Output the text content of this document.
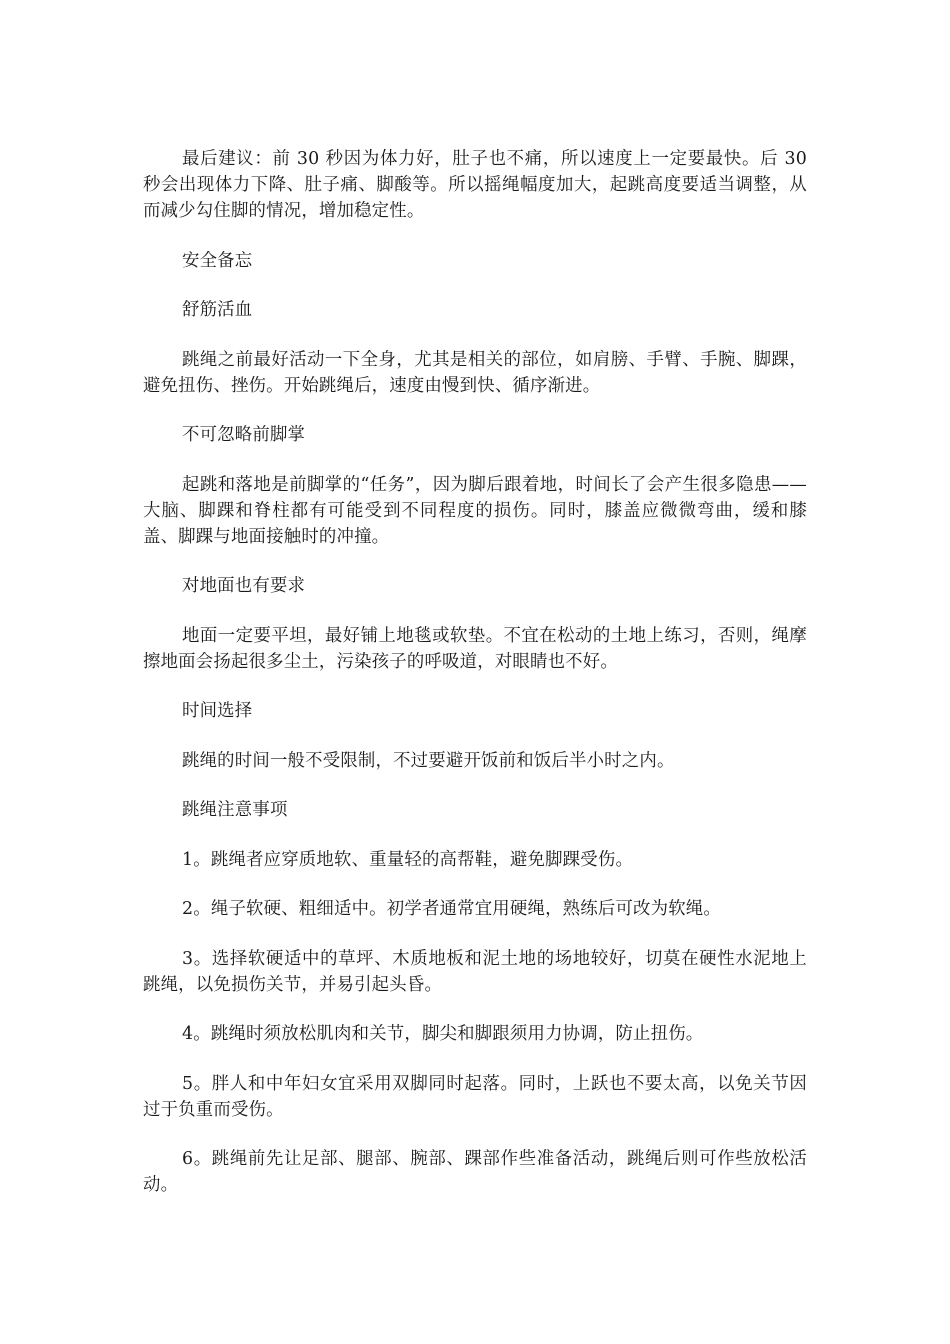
最后建议：前 30 秒因为体力好，肚子也不痛，所以速度上一定要最快。后 30 秒会出现体力下降、肚子痛、脚酸等。所以摇绳幅度加大，起跳高度要适当调整，从而减少勾住脚的情况，增加稳定性。

安全备忘

舒筋活血

跳绳之前最好活动一下全身，尤其是相关的部位，如肩膀、手臂、手腕、脚踝，避免扭伤、挫伤。开始跳绳后，速度由慢到快、循序渐进。

不可忽略前脚掌

起跳和落地是前脚掌的“任务”，因为脚后跟着地，时间长了会产生很多隐患——大脑、脚踝和脊柱都有可能受到不同程度的损伤。同时，膝盖应微微弯曲，缓和膝盖、脚踝与地面接触时的冲撞。

对地面也有要求

地面一定要平坦，最好铺上地毯或软垫。不宜在松动的土地上练习，否则，绳摩擦地面会扬起很多尘土，污染孩子的呼吸道，对眼睛也不好。

时间选择

跳绳的时间一般不受限制，不过要避开饭前和饭后半小时之内。

跳绳注意事项

1。跳绳者应穿质地软、重量轻的高帮鞋，避免脚踝受伤。

2。绳子软硬、粗细适中。初学者通常宜用硬绳，熟练后可改为软绳。

3。选择软硬适中的草坪、木质地板和泥土地的场地较好，切莫在硬性水泥地上跳绳，以免损伤关节，并易引起头昏。

4。跳绳时须放松肌肉和关节，脚尖和脚跟须用力协调，防止扭伤。

5。胖人和中年妇女宜采用双脚同时起落。同时，上跃也不要太高，以免关节因过于负重而受伤。

6。跳绳前先让足部、腿部、腕部、踝部作些准备活动，跳绳后则可作些放松活动。
